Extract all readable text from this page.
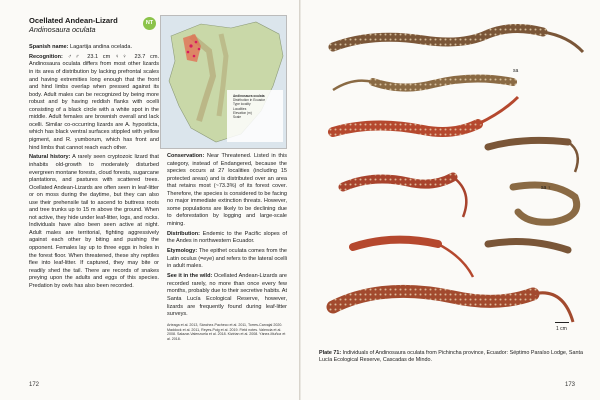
Ocellated Andean-Lizard
Andinosaura oculata
NT
Andinosaura oculata
Distribution in Ecuador
Type locality
Localities
Elevation (m)
Scale

Spanish name: Lagartija andina ocelada.

Recognition: ♂♂ 23.1 cm ♀♀ 23.7 cm. Andinosaura oculata differs from most other lizards in its area of distribution by lacking prefrontal scales and having extremities long enough that the front and hind limbs overlap when pressed against its body. Adult males can be recognized by being more robust and by having reddish flanks with ocelli consisting of a black circle with a white spot in the middle. Adult females are brownish overall and lack ocelli. Similar co-occurring lizards are A. hypostictа, which has black ventral surfaces stippled with yellow pigment, and R. yumborum, which has front and hind limbs that cannot reach each other.

Natural history: A rarely seen cryptozoic lizard that inhabits old-growth to moderately disturbed evergreen montane forests, cloud forests, sugarcane plantations, and pastures with scattered trees. Ocellated Andean-Lizards are often seen in leaf-litter or on moss during the daytime, but they can also use their prehensile tail to ascend to buttress roots and tree trunks up to 15 m above the ground. When not active, they hide under leaf-litter, logs, and rocks. Individuals have also been seen active at night. Adult males are territorial, fighting aggressively against each other by biting and pushing the opponent. Females lay up to three eggs in holes in the forest floor. When threatened, these shy reptiles flee into leaf-litter. If captured, they may bite or readily shed the tail. There are records of snakes preying upon the adults and eggs of this species. Predation by owls has also been recorded.

Conservation: Near Threatened. Listed in this category, instead of Endangered, because the species occurs at 27 localities (including 15 protected areas) and is distributed over an area that retains most (~73.3%) of its forest cover. Therefore, the species is considered to be facing no major immediate extinction threats. However, some populations are likely to be declining due to deforestation by logging and large-scale mining.

Distribution: Endemic to the Pacific slopes of the Andes in northwestern Ecuador.

Etymology: The epithet oculata comes from the Latin oculus (=eye) and refers to the lateral ocelli in adult males.

See it in the wild: Ocellated Andean-Lizards are recorded rarely, no more than once every few months, probably due to their secretive habits. At Santa Lucía Ecological Reserve, however, lizards are frequently found during leaf-litter surveys.

Arteaga et al. 2013, Sánchez-Pacheco et al. 2011, Torres-Carvajal 2020. Maddock et al. 2011, Reyes-Puig et al. 2019. Field notes. Valencia et al. 2008. Salazar-Valenzuela et al. 2018. Kizirian et al. 2008. Yánez-Muñoz et al. 2018.
172
sa
sa ♀
1 cm
Plate 71: Individuals of Andinosaura oculata from Pichincha province, Ecuador: Séptimo Paraíso Lodge, Santa Lucía Ecological Reserve, Cascadas de Mindo.
173
